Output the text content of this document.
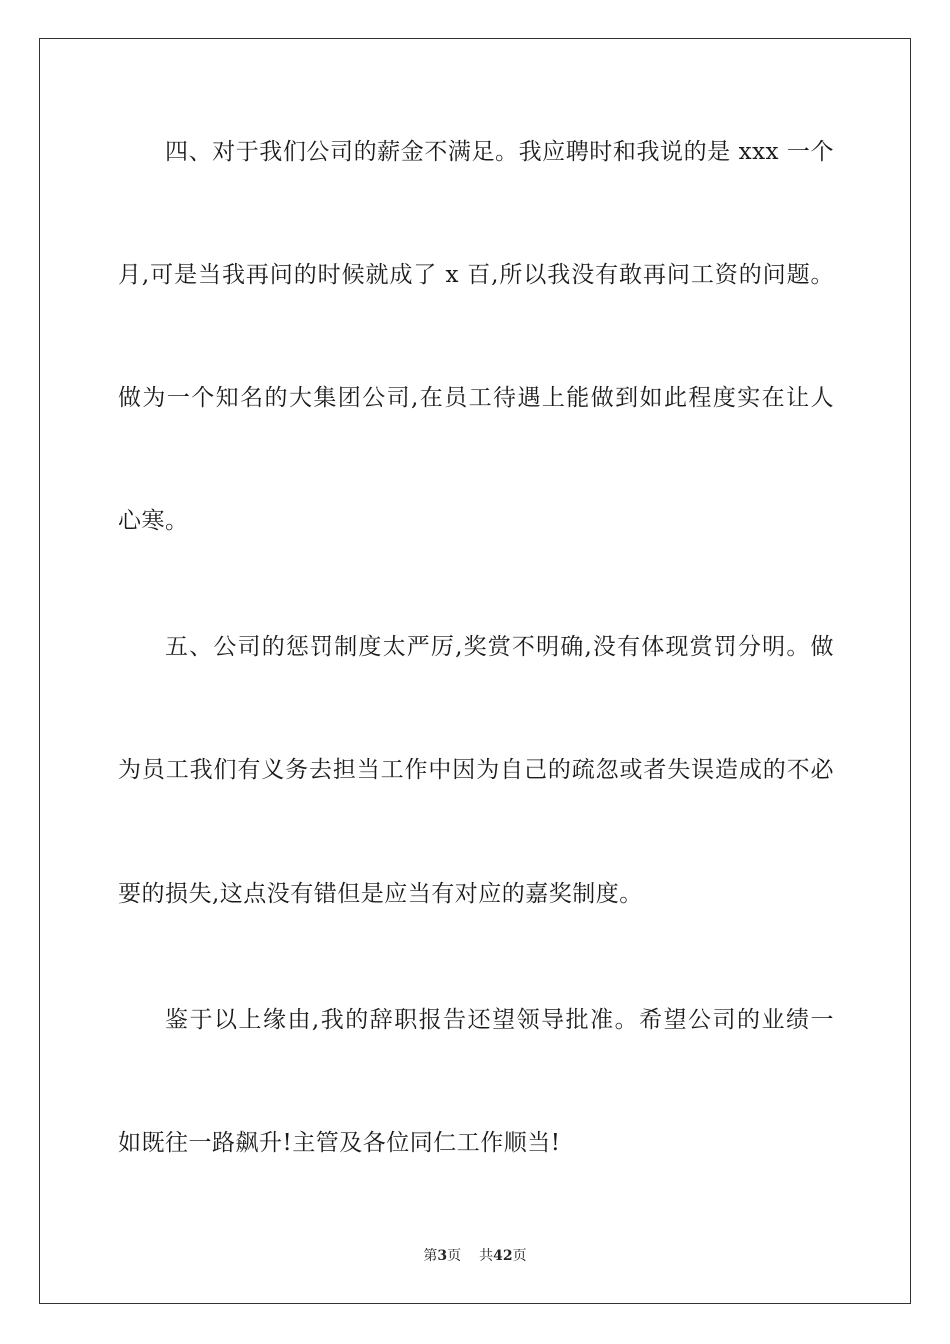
四、对于我们公司的薪金不满足。我应聘时和我说的是 xxx 一个
月,可是当我再问的时候就成了 x 百,所以我没有敢再问工资的问题。
做为一个知名的大集团公司,在员工待遇上能做到如此程度实在让人
心寒。
五、公司的惩罚制度太严厉,奖赏不明确,没有体现赏罚分明。做
为员工我们有义务去担当工作中因为自己的疏忽或者失误造成的不必
要的损失,这点没有错但是应当有对应的嘉奖制度。
鉴于以上缘由,我的辞职报告还望领导批准。希望公司的业绩一
如既往一路飙升!主管及各位同仁工作顺当!
第3页 共42页
